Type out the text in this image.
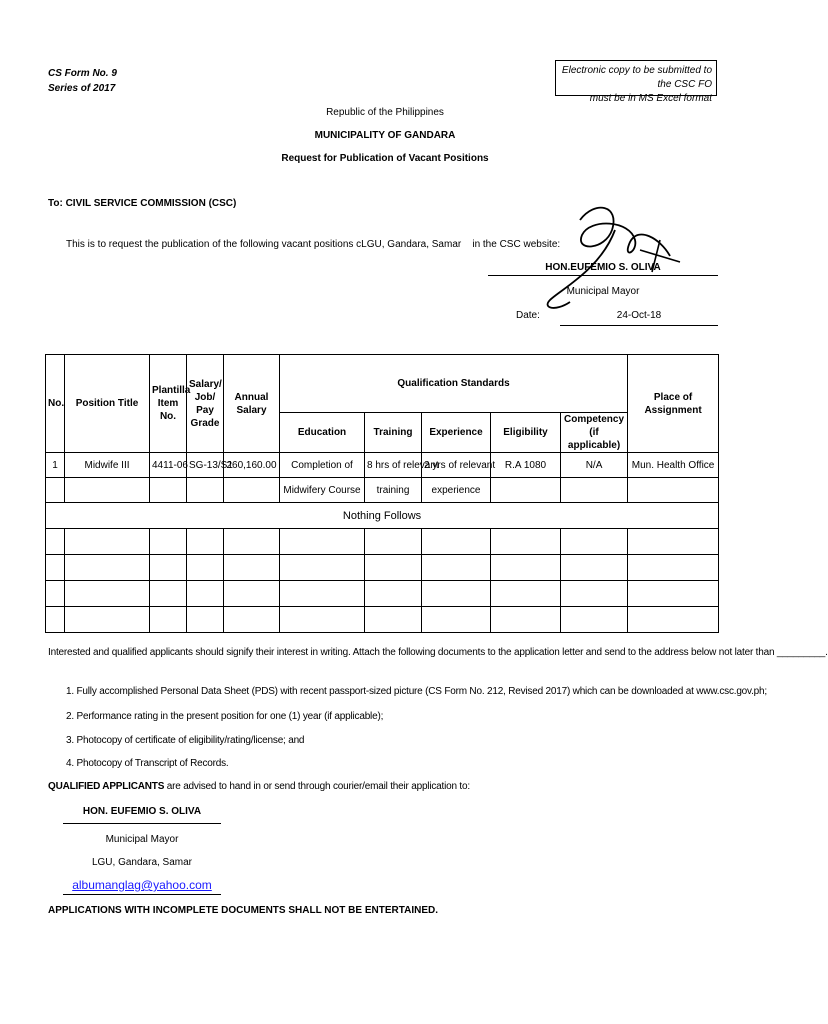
CS Form No. 9
Series of 2017
Electronic copy to be submitted to the CSC FO
must be in MS Excel format
Republic of the Philippines
MUNICIPALITY OF GANDARA
Request for Publication of Vacant Positions
To: CIVIL SERVICE COMMISSION (CSC)
This is to request the publication of the following vacant positions cLGU, Gandara, Samar in the CSC website:
HON.EUFEMIO S. OLIVA
Municipal Mayor
Date:	24-Oct-18
No.	Position Title	Plantilla Item No.	Salary/ Job/ Pay Grade	Annual Salary	Qualification Standards					Place of Assignment
					Education	Training	Experience	Eligibility	Competency (if applicable)	
1	Midwife III	4411-06	SG-13/S1	260,160.00	Completion of	8 hrs of relevant	2 yrs of relevant	R.A 1080	N/A	Mun. Health Office
					Midwifery Course	training	experience			
Nothing Follows										

Interested and qualified applicants should signify their interest in writing. Attach the following documents to the application letter and send to the address below not later than _________.
1. Fully accomplished Personal Data Sheet (PDS) with recent passport-sized picture (CS Form No. 212, Revised 2017) which can be downloaded at www.csc.gov.ph;
2. Performance rating in the present position for one (1) year (if applicable);
3. Photocopy of certificate of eligibility/rating/license; and
4. Photocopy of Transcript of Records.
QUALIFIED APPLICANTS are advised to hand in or send through courier/email their application to:
HON. EUFEMIO S. OLIVA
Municipal Mayor
LGU, Gandara, Samar
albumanglag@yahoo.com
APPLICATIONS WITH INCOMPLETE DOCUMENTS SHALL NOT BE ENTERTAINED.
